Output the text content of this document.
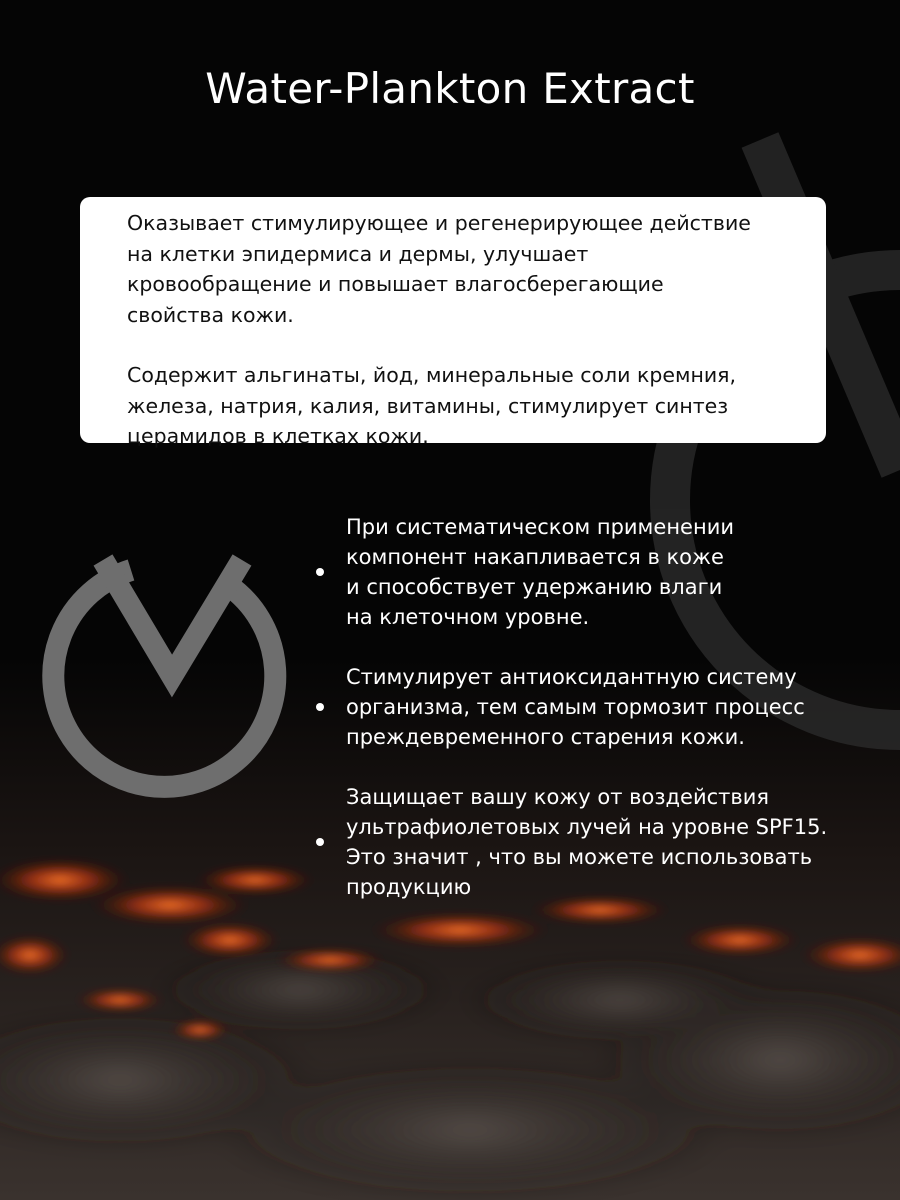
Water-Plankton Extract

Оказывает стимулирующее и регенерирующее действие
на клетки эпидермиса и дермы, улучшает
кровообращение и повышает влагосберегающие
свойства кожи.

Содержит альгинаты, йод, минеральные соли кремния,
железа, натрия, калия, витамины, стимулирует синтез
церамидов в клетках кожи.

При систематическом применении
компонент накапливается в коже
и способствует удержанию влаги
на клеточном уровне.
Стимулирует антиоксидантную систему
организма, тем самым тормозит процесс
преждевременного старения кожи.
Защищает вашу кожу от воздействия
ультрафиолетовых лучей на уровне SPF15.
Это значит , что вы можете использовать
продукцию
